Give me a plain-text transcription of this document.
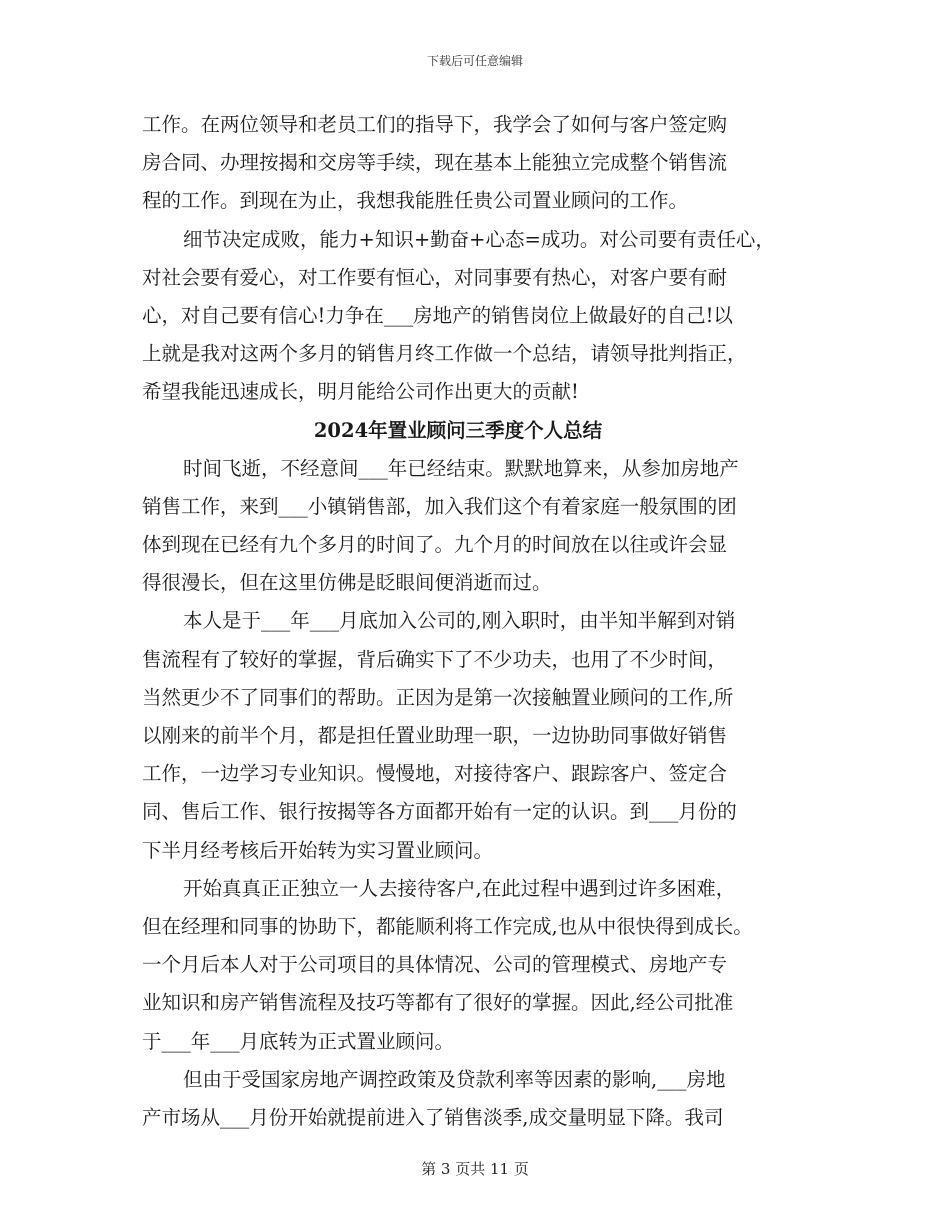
下载后可任意编辑
工作。在两位领导和老员工们的指导下，我学会了如何与客户签定购
房合同、办理按揭和交房等手续，现在基本上能独立完成整个销售流
程的工作。到现在为止，我想我能胜任贵公司置业顾问的工作。
细节决定成败，能力+知识+勤奋+心态=成功。对公司要有责任心，
对社会要有爱心，对工作要有恒心，对同事要有热心，对客户要有耐
心，对自己要有信心!力争在___房地产的销售岗位上做最好的自己!以
上就是我对这两个多月的销售月终工作做一个总结，请领导批判指正，
希望我能迅速成长，明月能给公司作出更大的贡献!
2024年置业顾问三季度个人总结
时间飞逝，不经意间___年已经结束。默默地算来，从参加房地产
销售工作，来到___小镇销售部，加入我们这个有着家庭一般氛围的团
体到现在已经有九个多月的时间了。九个月的时间放在以往或许会显
得很漫长，但在这里仿佛是眨眼间便消逝而过。
本人是于___年___月底加入公司的,刚入职时，由半知半解到对销
售流程有了较好的掌握，背后确实下了不少功夫，也用了不少时间，
当然更少不了同事们的帮助。正因为是第一次接触置业顾问的工作,所
以刚来的前半个月，都是担任置业助理一职，一边协助同事做好销售
工作，一边学习专业知识。慢慢地，对接待客户、跟踪客户、签定合
同、售后工作、银行按揭等各方面都开始有一定的认识。到___月份的
下半月经考核后开始转为实习置业顾问。
开始真真正正独立一人去接待客户,在此过程中遇到过许多困难，
但在经理和同事的协助下，都能顺利将工作完成,也从中很快得到成长。
一个月后本人对于公司项目的具体情况、公司的管理模式、房地产专
业知识和房产销售流程及技巧等都有了很好的掌握。因此,经公司批准
于___年___月底转为正式置业顾问。
但由于受国家房地产调控政策及贷款利率等因素的影响,___房地
产市场从___月份开始就提前进入了销售淡季,成交量明显下降。我司
第 3 页共 11 页
